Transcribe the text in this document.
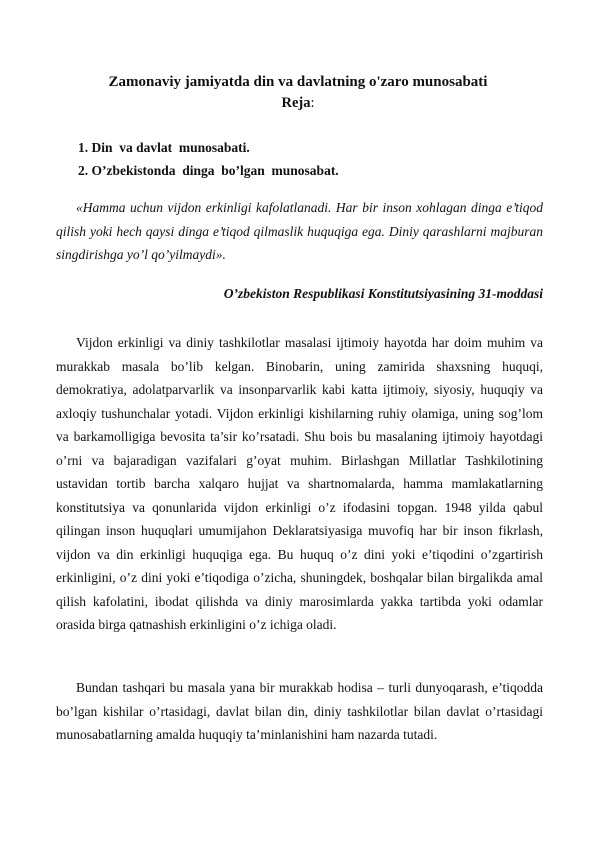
Zamonaviy jamiyatda din va davlatning o'zaro munosabati
Reja:
1. Din  va davlat  munosabati.
2. O’zbekistonda  dinga  bo’lgan  munosabat.

«Hamma uchun vijdon erkinligi kafolatlanadi. Har bir inson xohlagan dinga e’tiqod qilish yoki hech qaysi dinga e’tiqod qilmaslik huquqiga ega. Diniy qarashlarni majburan singdirishga yo’l qo’yilmaydi».

O’zbekiston Respublikasi Konstitutsiyasining 31-moddasi

Vijdon erkinligi va diniy tashkilotlar masalasi ijtimoiy hayotda har doim muhim va murakkab masala bo’lib kelgan. Binobarin, uning zamirida shaxsning huquqi, demokratiya, adolatparvarlik va insonparvarlik kabi katta ijtimoiy, siyosiy, huquqiy va axloqiy tushunchalar yotadi. Vijdon erkinligi kishilarning ruhiy olamiga, uning sog’lom va barkamolligiga bevosita ta’sir ko’rsatadi. Shu bois bu masalaning ijtimoiy hayotdagi o’rni va bajaradigan vazifalari g’oyat muhim. Birlashgan Millatlar Tashkilotining ustavidan tortib barcha xalqaro hujjat va shartnomalarda, hamma mamlakatlarning konstitutsiya va qonunlarida vijdon erkinligi o’z ifodasini topgan. 1948 yilda qabul qilingan inson huquqlari umumijahon Deklaratsiyasiga muvofiq har bir inson fikrlash, vijdon va din erkinligi huquqiga ega. Bu huquq o’z dini yoki e’tiqodini o’zgartirish erkinligini, o’z dini yoki e’tiqodiga o’zicha, shuningdek, boshqalar bilan birgalikda amal qilish kafolatini, ibodat qilishda va diniy marosimlarda yakka tartibda yoki odamlar orasida birga qatnashish erkinligini o’z ichiga oladi.

Bundan tashqari bu masala yana bir murakkab hodisa – turli dunyoqarash, e’tiqodda bo’lgan kishilar o’rtasidagi, davlat bilan din, diniy tashkilotlar bilan davlat o’rtasidagi munosabatlarning amalda huquqiy ta’minlanishini ham nazarda tutadi.
